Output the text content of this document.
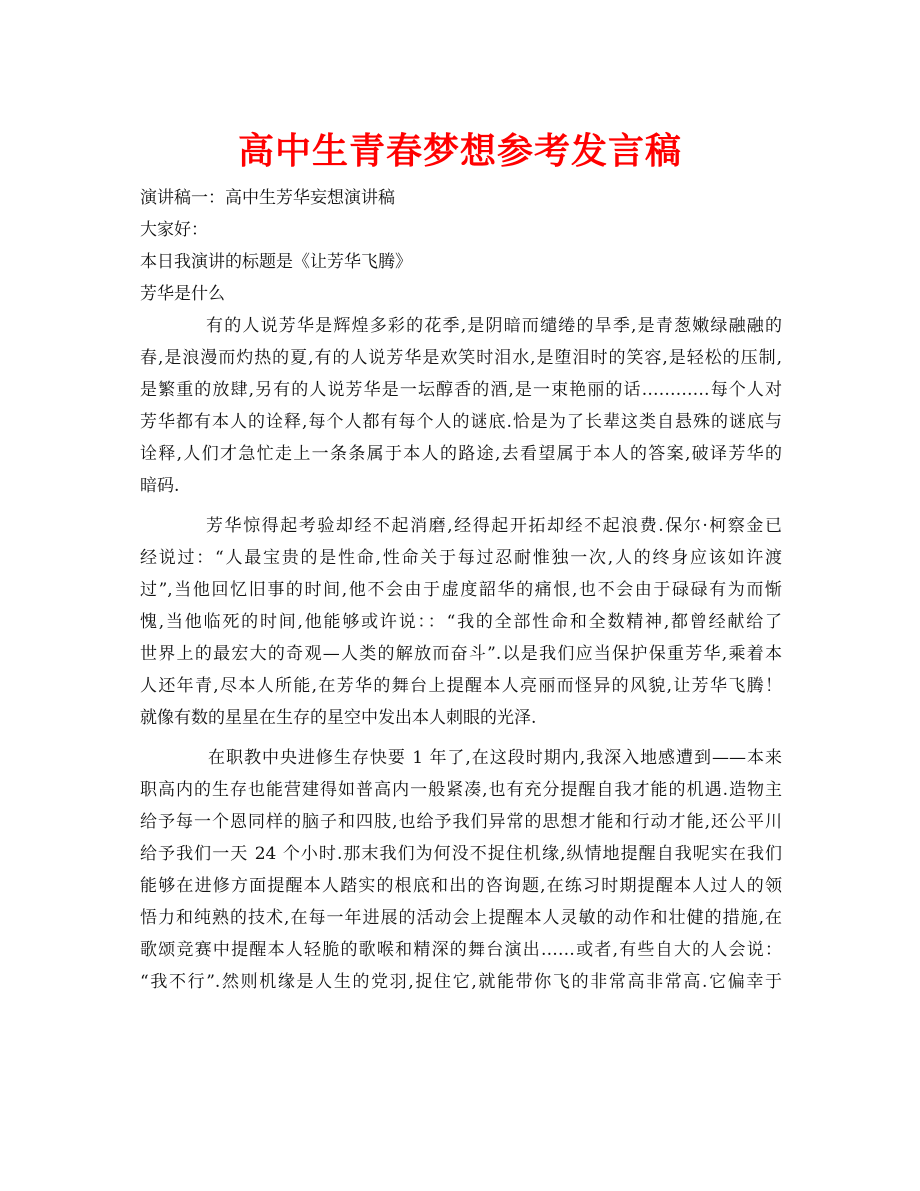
高中生青春梦想参考发言稿

演讲稿一：高中生芳华妄想演讲稿

大家好：

本日我演讲的标题是《让芳华飞腾》

芳华是什么

有的人说芳华是辉煌多彩的花季,是阴暗而缱绻的旱季,是青葱嫩绿融融的

春,是浪漫而灼热的夏,有的人说芳华是欢笑时泪水,是堕泪时的笑容,是轻松的压制,

是繁重的放肆,另有的人说芳华是一坛醇香的酒,是一束艳丽的话…………每个人对

芳华都有本人的诠释,每个人都有每个人的谜底.恰是为了长辈这类自悬殊的谜底与

诠释,人们才急忙走上一条条属于本人的路途,去看望属于本人的答案,破译芳华的

暗码.

芳华惊得起考验却经不起消磨,经得起开拓却经不起浪费.保尔·柯察金已

经说过：“人最宝贵的是性命,性命关于每过忍耐惟独一次,人的终身应该如许渡

过”,当他回忆旧事的时间,他不会由于虚度韶华的痛恨,也不会由于碌碌有为而惭

愧,当他临死的时间,他能够或许说：：“我的全部性命和全数精神,都曾经献给了

世界上的最宏大的奇观—人类的解放而奋斗”.以是我们应当保护保重芳华,乘着本

人还年青,尽本人所能,在芳华的舞台上提醒本人亮丽而怪异的风貌,让芳华飞腾！

就像有数的星星在生存的星空中发出本人刺眼的光泽.

在职教中央进修生存快要 1 年了,在这段时期内,我深入地感遭到——本来

职高内的生存也能营建得如普高内一般紧凑,也有充分提醒自我才能的机遇.造物主

给予每一个恩同样的脑子和四肢,也给予我们异常的思想才能和行动才能,还公平川

给予我们一天 24 个小时.那末我们为何没不捉住机缘,纵情地提醒自我呢实在我们

能够在进修方面提醒本人踏实的根底和出的咨询题,在练习时期提醒本人过人的领

悟力和纯熟的技术,在每一年进展的活动会上提醒本人灵敏的动作和壮健的措施,在

歌颂竞赛中提醒本人轻脆的歌喉和精深的舞台演出……或者,有些自大的人会说：

“我不行”.然则机缘是人生的党羽,捉住它,就能带你飞的非常高非常高.它偏幸于
